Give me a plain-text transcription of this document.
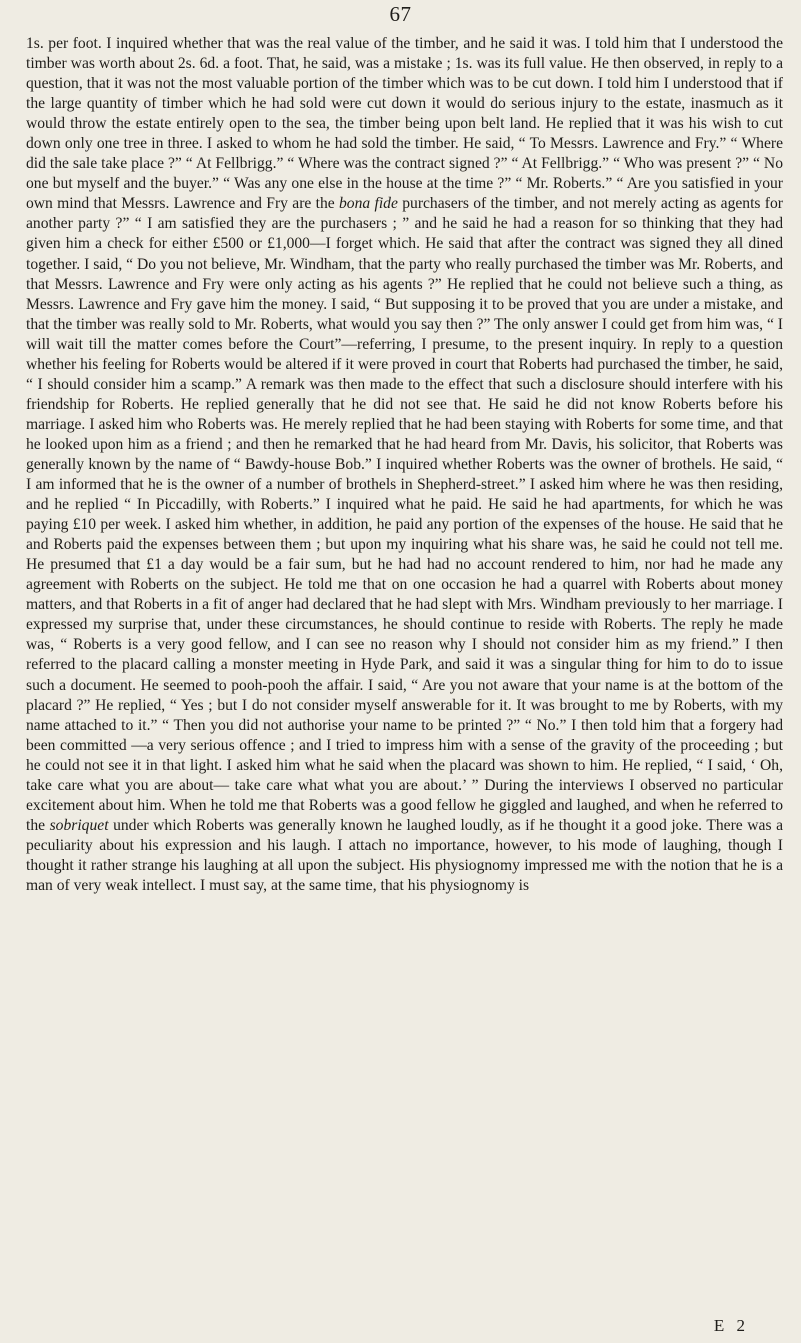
67

1s. per foot. I inquired whether that was the real value of the timber, and he said it was. I told him that I understood the timber was worth about 2s. 6d. a foot. That, he said, was a mistake ; 1s. was its full value. He then observed, in reply to a question, that it was not the most valuable portion of the timber which was to be cut down. I told him I understood that if the large quantity of timber which he had sold were cut down it would do serious injury to the estate, inasmuch as it would throw the estate entirely open to the sea, the timber being upon belt land. He replied that it was his wish to cut down only one tree in three. I asked to whom he had sold the timber. He said, “ To Messrs. Lawrence and Fry.” “ Where did the sale take place ?” “ At Fellbrigg.” “ Where was the contract signed ?” “ At Fellbrigg.” “ Who was present ?” “ No one but myself and the buyer.” “ Was any one else in the house at the time ?” “ Mr. Roberts.” “ Are you satisfied in your own mind that Messrs. Lawrence and Fry are the bona fide purchasers of the timber, and not merely acting as agents for another party ?” “ I am satisfied they are the purchasers ; ” and he said he had a reason for so thinking that they had given him a check for either £500 or £1,000—I forget which. He said that after the contract was signed they all dined together. I said, “ Do you not believe, Mr. Windham, that the party who really purchased the timber was Mr. Roberts, and that Messrs. Lawrence and Fry were only acting as his agents ?” He replied that he could not believe such a thing, as Messrs. Lawrence and Fry gave him the money. I said, “ But supposing it to be proved that you are under a mistake, and that the timber was really sold to Mr. Roberts, what would you say then ?” The only answer I could get from him was, “ I will wait till the matter comes before the Court”—referring, I presume, to the present inquiry. In reply to a question whether his feeling for Roberts would be altered if it were proved in court that Roberts had purchased the timber, he said, “ I should consider him a scamp.” A remark was then made to the effect that such a disclosure should interfere with his friendship for Roberts. He replied generally that he did not see that. He said he did not know Roberts before his marriage. I asked him who Roberts was. He merely replied that he had been staying with Roberts for some time, and that he looked upon him as a friend ; and then he remarked that he had heard from Mr. Davis, his solicitor, that Roberts was generally known by the name of “ Bawdy-house Bob.” I inquired whether Roberts was the owner of brothels. He said, “ I am informed that he is the owner of a number of brothels in Shepherd-street.” I asked him where he was then residing, and he replied “ In Piccadilly, with Roberts.” I inquired what he paid. He said he had apartments, for which he was paying £10 per week. I asked him whether, in addition, he paid any portion of the expenses of the house. He said that he and Roberts paid the expenses between them ; but upon my inquiring what his share was, he said he could not tell me. He presumed that £1 a day would be a fair sum, but he had had no account rendered to him, nor had he made any agreement with Roberts on the subject. He told me that on one occasion he had a quarrel with Roberts about money matters, and that Roberts in a fit of anger had declared that he had slept with Mrs. Windham previously to her marriage. I expressed my surprise that, under these circumstances, he should continue to reside with Roberts. The reply he made was, “ Roberts is a very good fellow, and I can see no reason why I should not consider him as my friend.” I then referred to the placard calling a monster meeting in Hyde Park, and said it was a singular thing for him to do to issue such a document. He seemed to pooh-pooh the affair. I said, “ Are you not aware that your name is at the bottom of the placard ?” He replied, “ Yes ; but I do not consider myself answerable for it. It was brought to me by Roberts, with my name attached to it.” “ Then you did not authorise your name to be printed ?” “ No.” I then told him that a forgery had been committed —a very serious offence ; and I tried to impress him with a sense of the gravity of the proceeding ; but he could not see it in that light. I asked him what he said when the placard was shown to him. He replied, “ I said, ‘ Oh, take care what you are about— take care what what you are about.’ ” During the interviews I observed no particular excitement about him. When he told me that Roberts was a good fellow he giggled and laughed, and when he referred to the sobriquet under which Roberts was generally known he laughed loudly, as if he thought it a good joke. There was a peculiarity about his expression and his laugh. I attach no importance, however, to his mode of laughing, though I thought it rather strange his laughing at all upon the subject. His physiognomy impressed me with the notion that he is a man of very weak intellect. I must say, at the same time, that his physiognomy is

E 2
